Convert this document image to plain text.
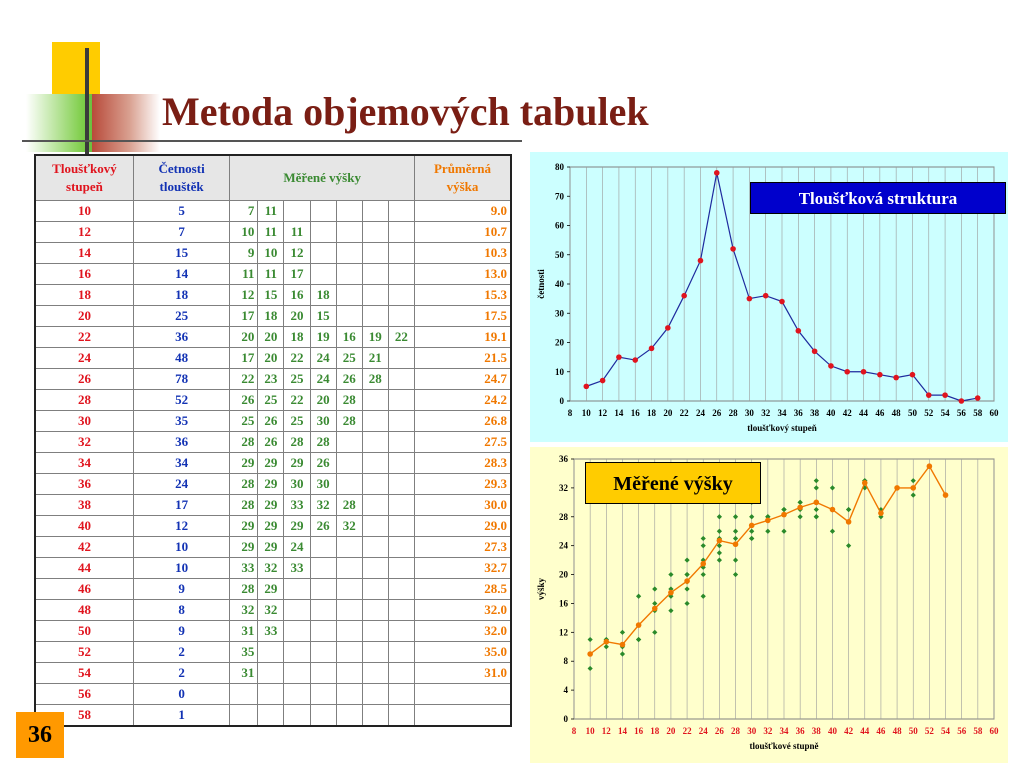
Metoda objemových tabulek
Tloušťkový
stupeň	Četnosti
tlouštěk	Měřené výšky							Průměrná
výška
10	5	7	11						9.0
12	7	10	11	11					10.7
14	15	9	10	12					10.3
16	14	11	11	17					13.0
18	18	12	15	16	18				15.3
20	25	17	18	20	15				17.5
22	36	20	20	18	19	16	19	22	19.1
24	48	17	20	22	24	25	21		21.5
26	78	22	23	25	24	26	28		24.7
28	52	26	25	22	20	28			24.2
30	35	25	26	25	30	28			26.8
32	36	28	26	28	28				27.5
34	34	29	29	29	26				28.3
36	24	28	29	30	30				29.3
38	17	28	29	33	32	28			30.0
40	12	29	29	29	26	32			29.0
42	10	29	29	24					27.3
44	10	33	32	33					32.7
46	9	28	29						28.5
48	8	32	32						32.0
50	9	31	33						32.0
52	2	35							35.0
54	2	31							31.0
56	0								
58	1								
8 10 12 14 16 18 20 22 24 26 28 30 32 34 36 38 40 42 44 46 48 50 52 54 56 58 60
0
10
20
30
40
50
60
70
80
tloušťkový stupeň
četnosti
Tloušťková struktura
8 10 12 14 16 18 20 22 24 26 28 30 32 34 36 38 40 42 44 46 48 50 52 54 56 58 60
0
4
8
12
16
20
24
28
32
36
tloušťkové stupně
výšky
Měřené výšky
36
